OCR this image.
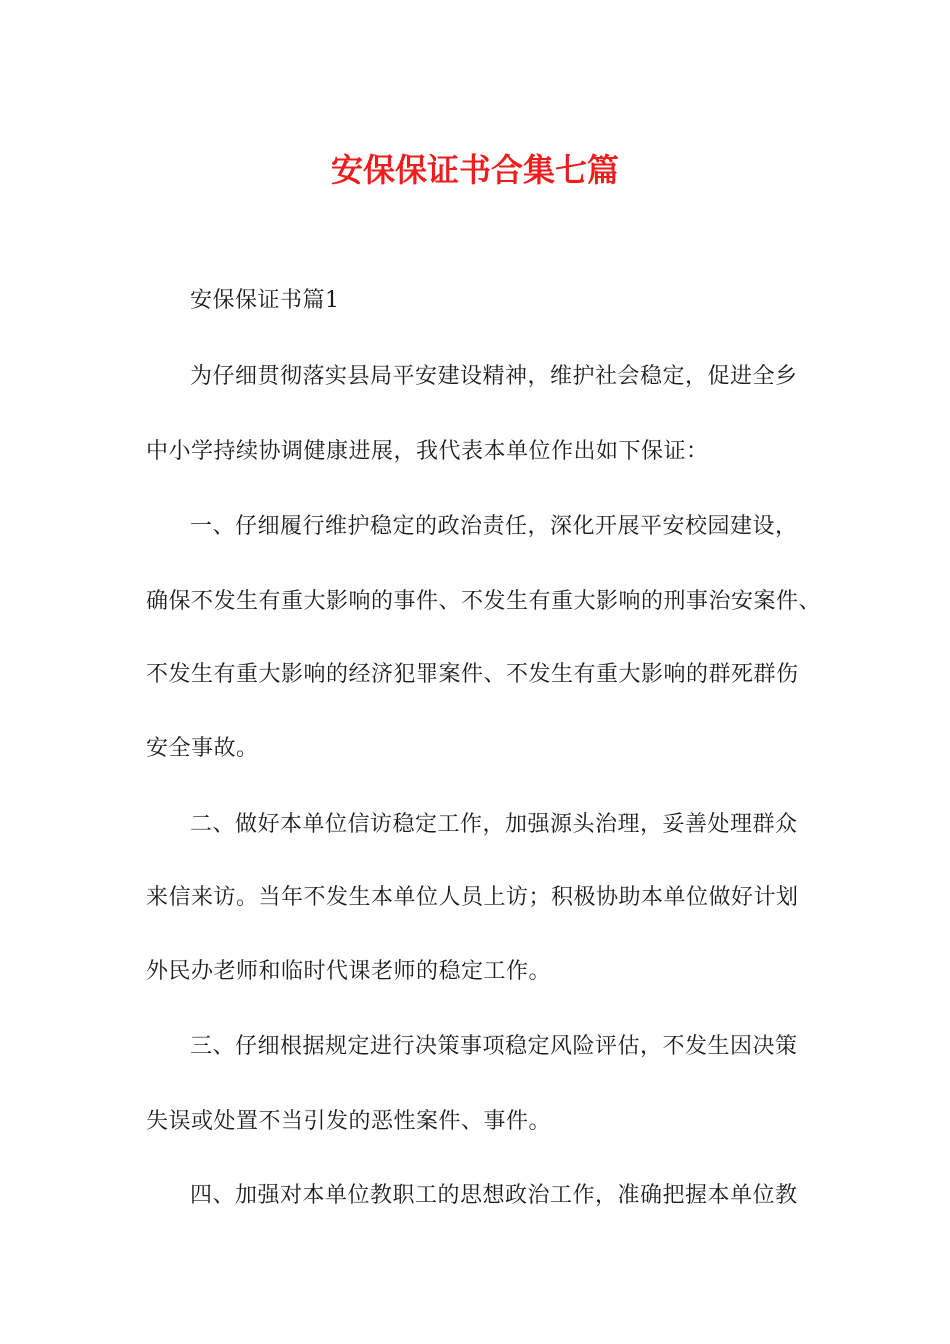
安保保证书合集七篇
安保保证书篇1
为仔细贯彻落实县局平安建设精神，维护社会稳定，促进全乡
中小学持续协调健康进展，我代表本单位作出如下保证：
一、仔细履行维护稳定的政治责任，深化开展平安校园建设，
确保不发生有重大影响的事件、不发生有重大影响的刑事治安案件、
不发生有重大影响的经济犯罪案件、不发生有重大影响的群死群伤
安全事故。
二、做好本单位信访稳定工作，加强源头治理，妥善处理群众
来信来访。当年不发生本单位人员上访；积极协助本单位做好计划
外民办老师和临时代课老师的稳定工作。
三、仔细根据规定进行决策事项稳定风险评估，不发生因决策
失误或处置不当引发的恶性案件、事件。
四、加强对本单位教职工的思想政治工作，准确把握本单位教
